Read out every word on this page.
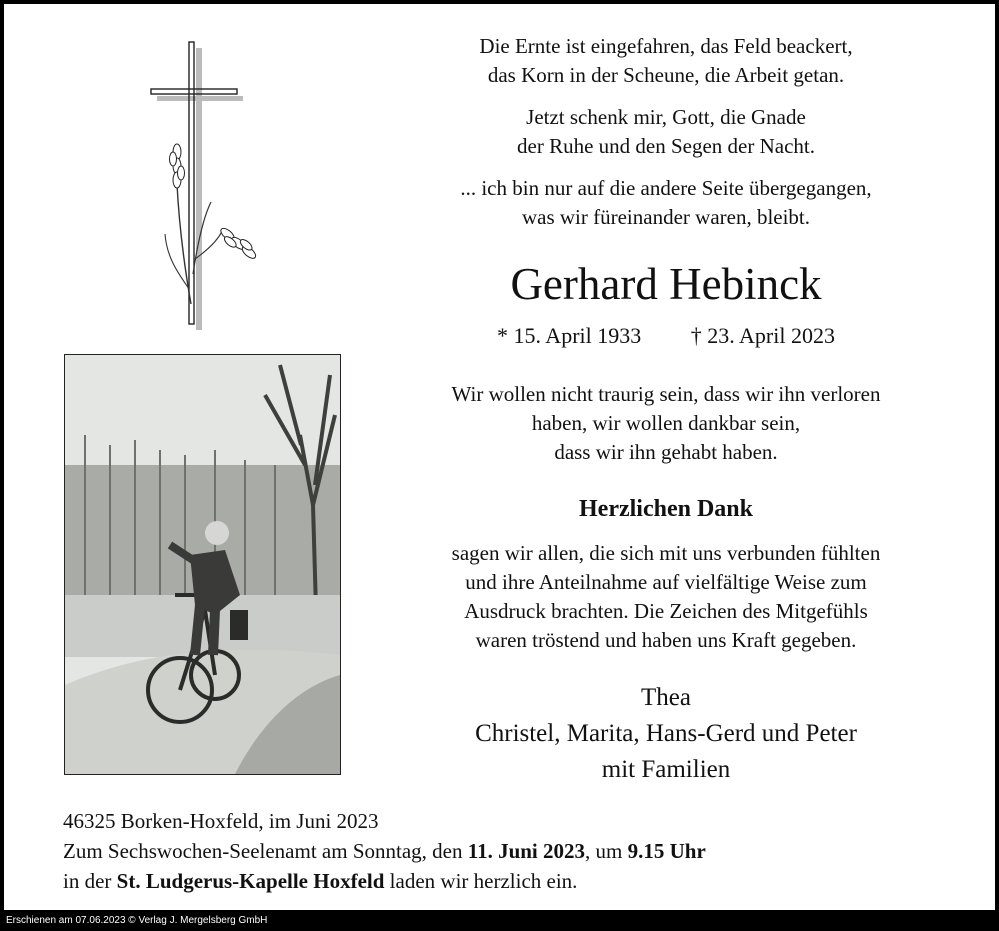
Die Ernte ist eingefahren, das Feld beackert,
das Korn in der Scheune, die Arbeit getan.

Jetzt schenk mir, Gott, die Gnade
der Ruhe und den Segen der Nacht.

... ich bin nur auf die andere Seite übergegangen,
was wir füreinander waren, bleibt.

Gerhard Hebinck
* 15. April 1933 † 23. April 2023
Wir wollen nicht traurig sein, dass wir ihn verloren
haben, wir wollen dankbar sein,
dass wir ihn gehabt haben.
Herzlichen Dank
sagen wir allen, die sich mit uns verbunden fühlten
und ihre Anteilnahme auf vielfältige Weise zum
Ausdruck brachten. Die Zeichen des Mitgefühls
waren tröstend und haben uns Kraft gegeben.
Thea
Christel, Marita, Hans-Gerd und Peter
mit Familien
46325 Borken-Hoxfeld, im Juni 2023
Zum Sechswochen-Seelenamt am Sonntag, den 11. Juni 2023, um 9.15 Uhr
in der St. Ludgerus-Kapelle Hoxfeld laden wir herzlich ein.
Erschienen am 07.06.2023 © Verlag J. Mergelsberg GmbH
